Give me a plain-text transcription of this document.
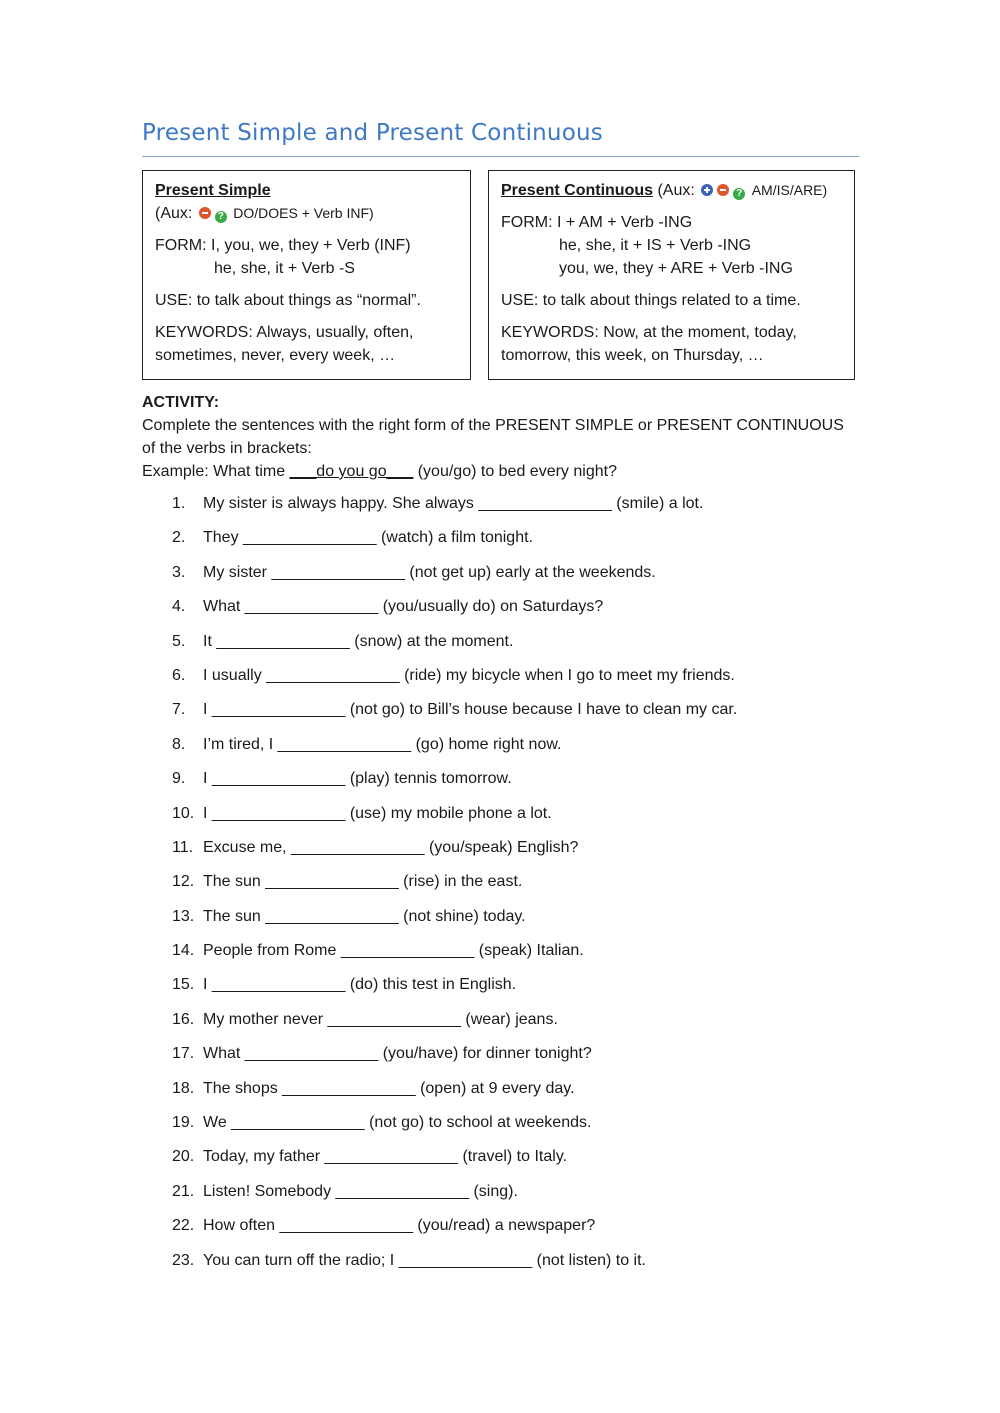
Present Simple and Present Continuous

Present Simple

(Aux:	? DO/DOES + Verb INF)

FORM: I, you, we, they + Verb (INF)

he, she, it + Verb -S

USE: to talk about things as “normal”.

KEYWORDS: Always, usually, often,

sometimes, never, every week, …

Present Continuous (Aux:	? AM/IS/ARE)

FORM: I + AM + Verb -ING

he, she, it + IS + Verb -ING

you, we, they + ARE + Verb -ING

USE: to talk about things related to a time.

KEYWORDS: Now, at the moment, today,

tomorrow, this week, on Thursday, …

ACTIVITY:

Complete the sentences with the right form of the PRESENT SIMPLE or PRESENT CONTINUOUS

of the verbs in brackets:

Example: What time ___do you go___ (you/go) to bed every night?

1.	My sister is always happy. She always _______________ (smile) a lot.
2.	They _______________ (watch) a film tonight.
3.	My sister _______________ (not get up) early at the weekends.
4.	What _______________ (you/usually do) on Saturdays?
5.	It _______________ (snow) at the moment.
6.	I usually _______________ (ride) my bicycle when I go to meet my friends.
7.	I _______________ (not go) to Bill’s house because I have to clean my car.
8.	I’m tired, I _______________ (go) home right now.
9.	I _______________ (play) tennis tomorrow.
10. I _______________ (use) my mobile phone a lot.
11. Excuse me, _______________ (you/speak) English?
12. The sun _______________ (rise) in the east.
13. The sun _______________ (not shine) today.
14. People from Rome _______________ (speak) Italian.
15. I _______________ (do) this test in English.
16. My mother never _______________ (wear) jeans.
17. What _______________ (you/have) for dinner tonight?
18. The shops _______________ (open) at 9 every day.
19. We _______________ (not go) to school at weekends.
20. Today, my father _______________ (travel) to Italy.
21. Listen! Somebody _______________ (sing).
22. How often _______________ (you/read) a newspaper?
23. You can turn off the radio; I _______________ (not listen) to it.
